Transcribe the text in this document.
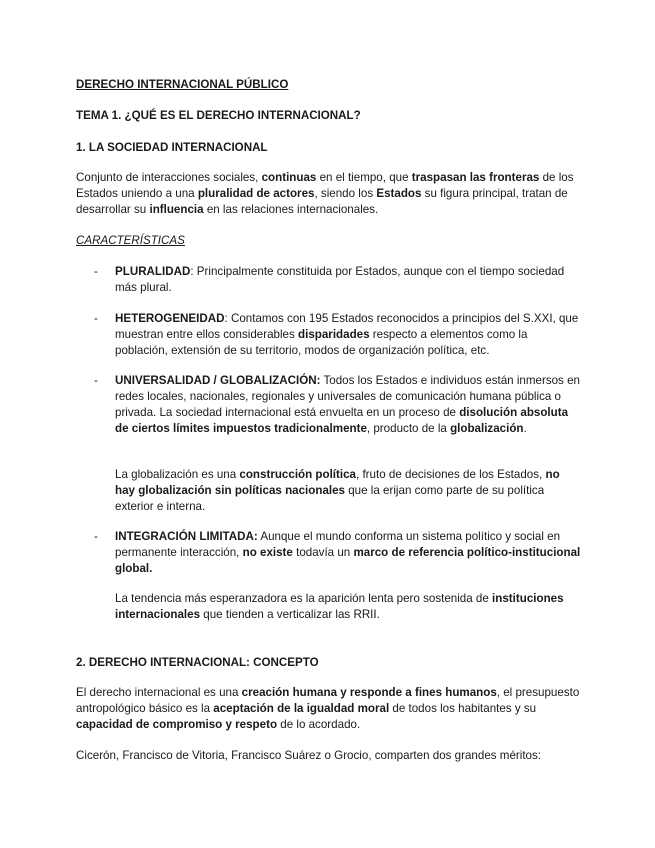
DERECHO INTERNACIONAL PÚBLICO

TEMA 1. ¿QUÉ ES EL DERECHO INTERNACIONAL?

1. LA SOCIEDAD INTERNACIONAL

Conjunto de interacciones sociales, continuas en el tiempo, que traspasan las fronteras de los Estados uniendo a una pluralidad de actores, siendo los Estados su figura principal, tratan de desarrollar su influencia en las relaciones internacionales.

CARACTERÍSTICAS

- PLURALIDAD: Principalmente constituida por Estados, aunque con el tiempo sociedad más plural.

- HETEROGENEIDAD: Contamos con 195 Estados reconocidos a principios del S.XXI, que muestran entre ellos considerables disparidades respecto a elementos como la población, extensión de su territorio, modos de organización política, etc.

- UNIVERSALIDAD / GLOBALIZACIÓN: Todos los Estados e individuos están inmersos en redes locales, nacionales, regionales y universales de comunicación humana pública o privada. La sociedad internacional está envuelta en un proceso de disolución absoluta de ciertos límites impuestos tradicionalmente, producto de la globalización.

La globalización es una construcción política, fruto de decisiones de los Estados, no hay globalización sin políticas nacionales que la erijan como parte de su política exterior e interna.

- INTEGRACIÓN LIMITADA: Aunque el mundo conforma un sistema político y social en permanente interacción, no existe todavía un marco de referencia político-institucional global.

La tendencia más esperanzadora es la aparición lenta pero sostenida de instituciones internacionales que tienden a verticalizar las RRII.

2. DERECHO INTERNACIONAL: CONCEPTO

El derecho internacional es una creación humana y responde a fines humanos, el presupuesto antropológico básico es la aceptación de la igualdad moral de todos los habitantes y su capacidad de compromiso y respeto de lo acordado.

Cicerón, Francisco de Vitoria, Francisco Suárez o Grocio, comparten dos grandes méritos:
